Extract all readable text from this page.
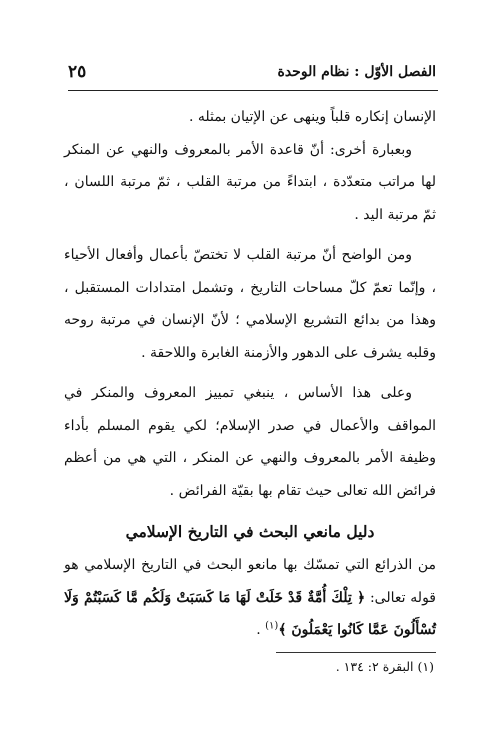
الفصل الأوّل : نظام الوحدة
٢٥

الإنسان إنكاره قلباً وينهى عن الإتيان بمثله .

وبعبارة أخرى: أنّ قاعدة الأمر بالمعروف والنهي عن المنكر لها مراتب متعدّدة ، ابتداءً من مرتبة القلب ، ثمّ مرتبة اللسان ، ثمّ مرتبة اليد .

ومن الواضح أنّ مرتبة القلب لا تختصّ بأعمال وأفعال الأحياء ، وإنّما تعمّ كلّ مساحات التاريخ ، وتشمل امتدادات المستقبل ، وهذا من بدائع التشريع الإسلامي ؛ لأنّ الإنسان في مرتبة روحه وقلبه يشرف على الدهور والأزمنة الغابرة واللاحقة .

وعلى هذا الأساس ، ينبغي تمييز المعروف والمنكر في المواقف والأعمال في صدر الإسلام؛ لكي يقوم المسلم بأداء وظيفة الأمر بالمعروف والنهي عن المنكر ، التي هي من أعظم فرائض الله تعالى حيث تقام بها بقيّة الفرائض .

دليل مانعي البحث في التاريخ الإسلامي

من الذرائع التي تمسّك بها مانعو البحث في التاريخ الإسلامي هو قوله تعالى: ﴿ تِلْكَ أُمَّةٌ قَدْ خَلَتْ لَهَا مَا كَسَبَتْ وَلَكُم مَّا كَسَبْتُمْ وَلَا تُسْأَلُونَ عَمَّا كَانُوا يَعْمَلُونَ ﴾$^{(١)}$ .

(١) البقرة ٢: ١٣٤ .
